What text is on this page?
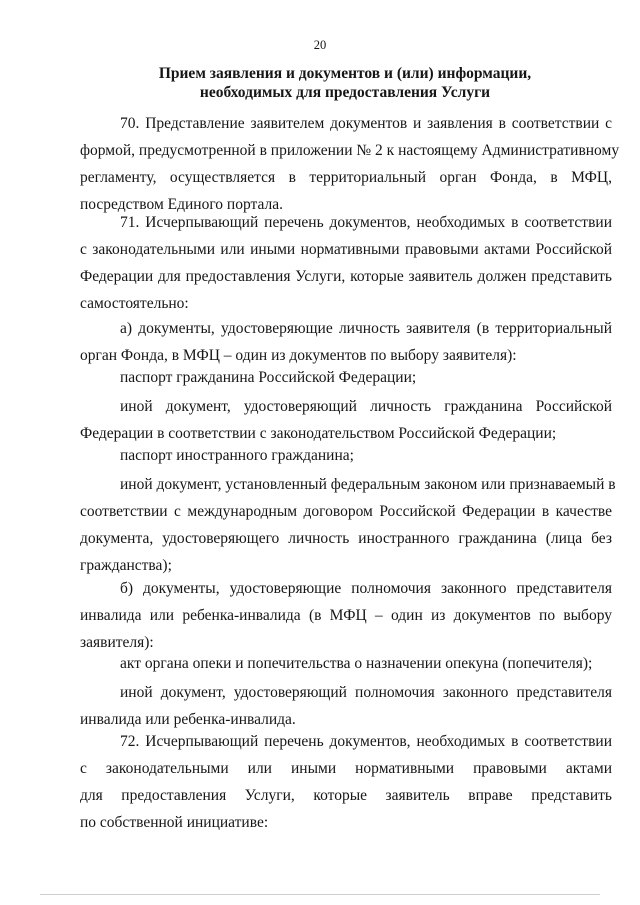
20
Прием заявления и документов и (или) информации,
необходимых для предоставления Услуги
70. Представление заявителем документов и заявления в соответствии с
формой, предусмотренной в приложении № 2 к настоящему Административному
регламенту, осуществляется в территориальный орган Фонда, в МФЦ,
посредством Единого портала.
71. Исчерпывающий перечень документов, необходимых в соответствии
с законодательными или иными нормативными правовыми актами Российской
Федерации для предоставления Услуги, которые заявитель должен представить
самостоятельно:
а) документы, удостоверяющие личность заявителя (в территориальный
орган Фонда, в МФЦ – один из документов по выбору заявителя):
паспорт гражданина Российской Федерации;
иной документ, удостоверяющий личность гражданина Российской
Федерации в соответствии с законодательством Российской Федерации;
паспорт иностранного гражданина;
иной документ, установленный федеральным законом или признаваемый в
соответствии с международным договором Российской Федерации в качестве
документа, удостоверяющего личность иностранного гражданина (лица без
гражданства);
б) документы, удостоверяющие полномочия законного представителя
инвалида или ребенка-инвалида (в МФЦ – один из документов по выбору
заявителя):
акт органа опеки и попечительства о назначении опекуна (попечителя);
иной документ, удостоверяющий полномочия законного представителя
инвалида или ребенка-инвалида.
72. Исчерпывающий перечень документов, необходимых в соответствии
с законодательными или иными нормативными правовыми актами
для предоставления Услуги, которые заявитель вправе представить
по собственной инициативе:
